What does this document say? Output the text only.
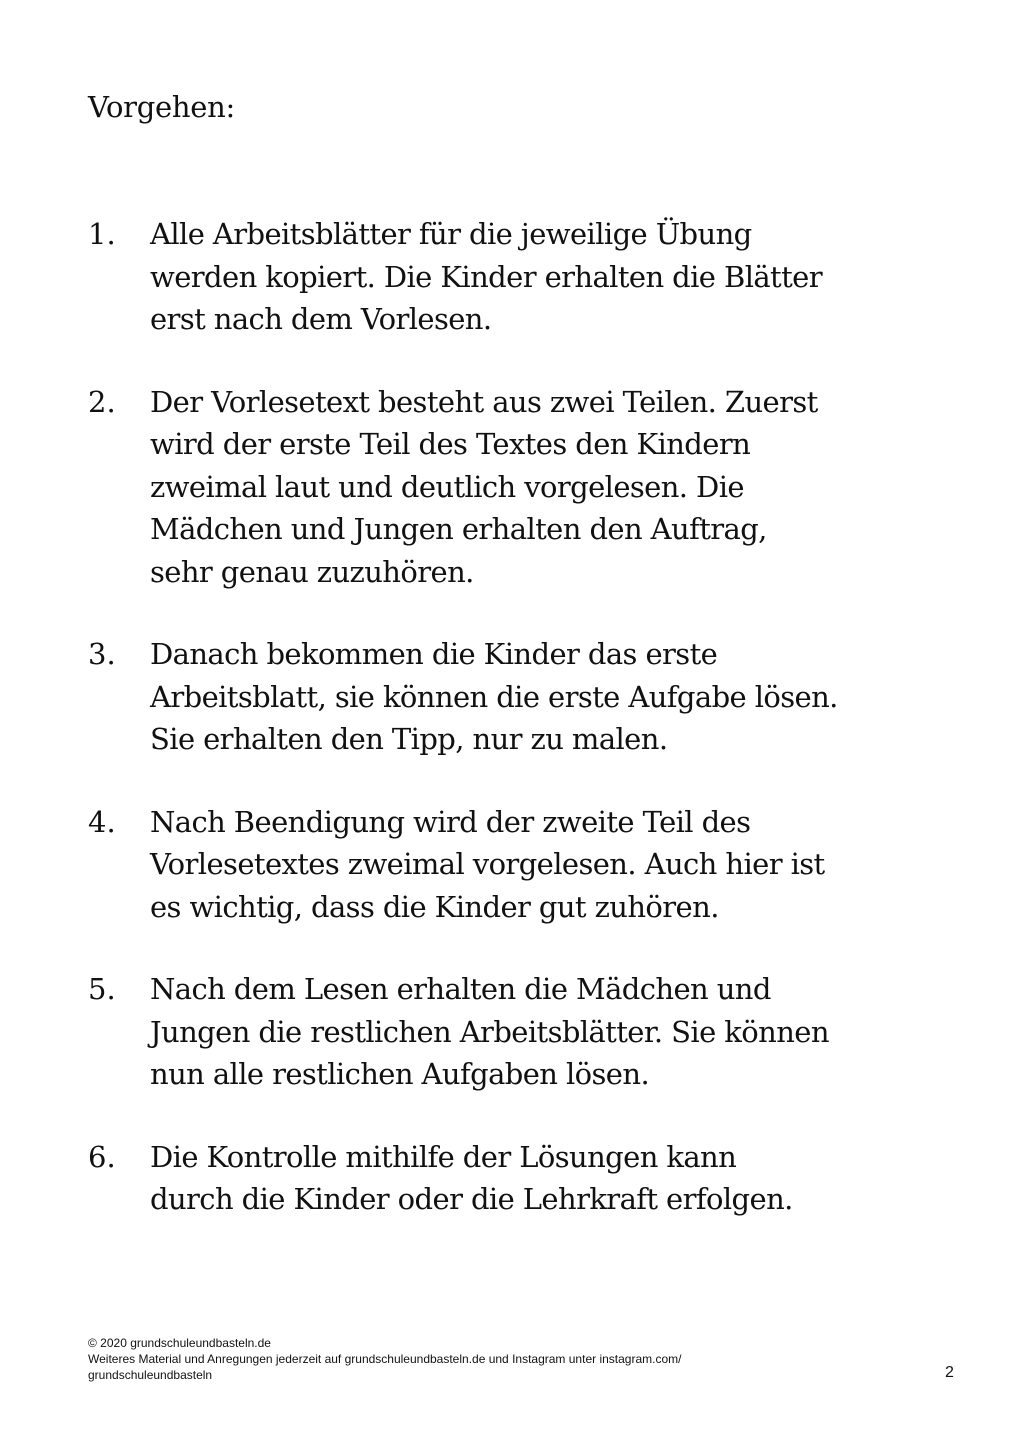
Vorgehen:
1.	Alle Arbeitsblätter für die jeweilige Übung
werden kopiert. Die Kinder erhalten die Blätter
erst nach dem Vorlesen.
2.	Der Vorlesetext besteht aus zwei Teilen. Zuerst
wird der erste Teil des Textes den Kindern
zweimal laut und deutlich vorgelesen. Die
Mädchen und Jungen erhalten den Auftrag,
sehr genau zuzuhören.
3.	Danach bekommen die Kinder das erste
Arbeitsblatt, sie können die erste Aufgabe lösen.
Sie erhalten den Tipp, nur zu malen.
4.	Nach Beendigung wird der zweite Teil des
Vorlesetextes zweimal vorgelesen. Auch hier ist
es wichtig, dass die Kinder gut zuhören.
5.	Nach dem Lesen erhalten die Mädchen und
Jungen die restlichen Arbeitsblätter. Sie können
nun alle restlichen Aufgaben lösen.
6.	Die Kontrolle mithilfe der Lösungen kann
durch die Kinder oder die Lehrkraft erfolgen.
© 2020 grundschuleundbasteln.de
Weiteres Material und Anregungen jederzeit auf grundschuleundbasteln.de und Instagram unter instagram.com/
grundschuleundbasteln	2
